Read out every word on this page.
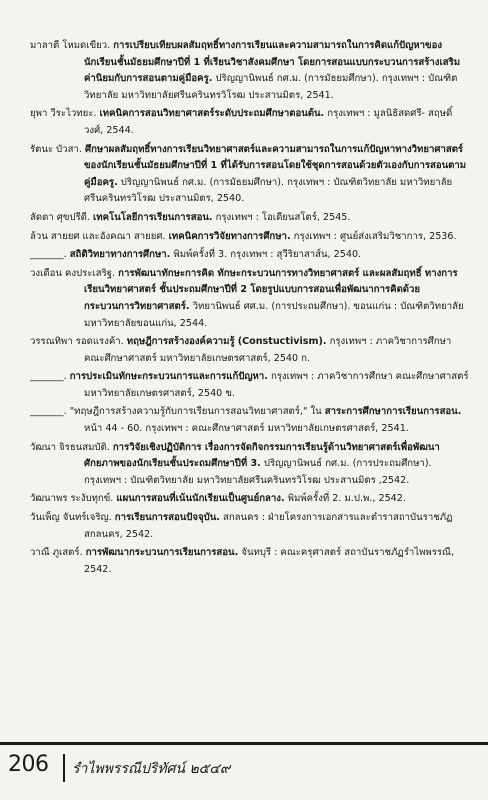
มาลาตี โหมดเขียว. การเปรียบเทียบผลสัมฤทธิ์ทางการเรียนและความสามารถในการคิดแก้ปัญหาของนักเรียนชั้นมัธยมศึกษาปีที่ 1 ที่เรียนวิชาสังคมศึกษา โดยการสอนแบบกระบวนการสร้างเสริมค่านิยมกับการสอนตามคู่มือครู. ปริญญานิพนธ์ กศ.ม. (การมัธยมศึกษา). กรุงเทพฯ : บัณฑิตวิทยาลัย มหาวิทยาลัยศรีนครินทรวิโรฒ ประสานมิตร, 2541.

ยุพา วีระไวทยะ. เทคนิคการสอนวิทยาศาสตร์ระดับประถมศึกษาตอนต้น. กรุงเทพฯ : มูลนิธิสดศรี- สฤษดิ์วงศ์, 2544.

รัตนะ บัวสา. ศึกษาผลสัมฤทธิ์ทางการเรียนวิทยาศาสตร์และความสามารถในการแก้ปัญหาทางวิทยาศาสตร์ของนักเรียนชั้นมัธยมศึกษาปีที่ 1 ที่ได้รับการสอนโดยใช้ชุดการสอนด้วยตัวเองกับการสอนตามคู่มือครู. ปริญญานิพนธ์ กศ.ม. (การมัธยมศึกษา). กรุงเทพฯ : บัณฑิตวิทยาลัย มหาวิทยาลัยศรีนครินทรวิโรฒ ประสานมิตร, 2540.

ลัดดา ศุขปรีดี. เทคโนโลยีการเรียนการสอน. กรุงเทพฯ : โอเดียนสโตร์, 2545.

ล้วน สายยศ และอังคณา สายยศ. เทคนิคการวิจัยทางการศึกษา. กรุงเทพฯ : ศูนย์ส่งเสริมวิชาการ, 2536.

_______. สถิติวิทยาทางการศึกษา. พิมพ์ครั้งที่ 3. กรุงเทพฯ : สุวีริยาสาส์น, 2540.

วงเดือน คงประเสริฐ. การพัฒนาทักษะการคิด ทักษะกระบวนการทางวิทยาศาสตร์ และผลสัมฤทธิ์ ทางการเรียนวิทยาศาสตร์ ชั้นประถมศึกษาปีที่ 2 โดยรูปแบบการสอนเพื่อพัฒนาการคิดด้วยกระบวนการวิทยาศาสตร์. วิทยานิพนธ์ ศศ.ม. (การประถมศึกษา). ขอนแก่น : บัณฑิตวิทยาลัย มหาวิทยาลัยขอนแก่น, 2544.

วรรณทิพา รอดแรงค้า. ทฤษฎีการสร้างองค์ความรู้ (Constuctivism). กรุงเทพฯ : ภาควิชาการศึกษาคณะศึกษาศาสตร์ มหาวิทยาลัยเกษตรศาสตร์, 2540 ก.

_______. การประเมินทักษะกระบวนการและการแก้ปัญหา. กรุงเทพฯ : ภาควิชาการศึกษา คณะศึกษาศาสตร์ มหาวิทยาลัยเกษตรศาสตร์, 2540 ข.

_______. "ทฤษฎีการสร้างความรู้กับการเรียนการสอนวิทยาศาสตร์," ใน สาระการศึกษาการเรียนการสอน. หน้า 44 - 60. กรุงเทพฯ : คณะศึกษาศาสตร์ มหาวิทยาลัยเกษตรศาสตร์, 2541.

วัฒนา จิรธนสมบัติ. การวิจัยเชิงปฏิบัติการ เรื่องการจัดกิจกรรมการเรียนรู้ด้านวิทยาศาสตร์เพื่อพัฒนาศักยภาพของนักเรียนชั้นประถมศึกษาปีที่ 3. ปริญญานิพนธ์ กศ.ม. (การประถมศึกษา). กรุงเทพฯ : บัณฑิตวิทยาลัย มหาวิทยาลัยศรีนครินทรวิโรฒ ประสานมิตร ,2542.

วัฒนาพร ระงับทุกข์. แผนการสอนที่เน้นนักเรียนเป็นศูนย์กลาง. พิมพ์ครั้งที่ 2. ม.ป.พ., 2542.

วันเพ็ญ จันทร์เจริญ. การเรียนการสอนปัจจุบัน. สกลนคร : ฝ่ายโครงการเอกสารและตำราสถาบันราชภัฏสกลนคร, 2542.

วาณี ภูเสตร์. การพัฒนากระบวนการเรียนการสอน. จันทบุรี : คณะครุศาสตร์ สถาบันราชภัฏรำไพพรรณี, 2542.

206 รำไพพรรณีปริทัศน์ ๒๕๔๙
